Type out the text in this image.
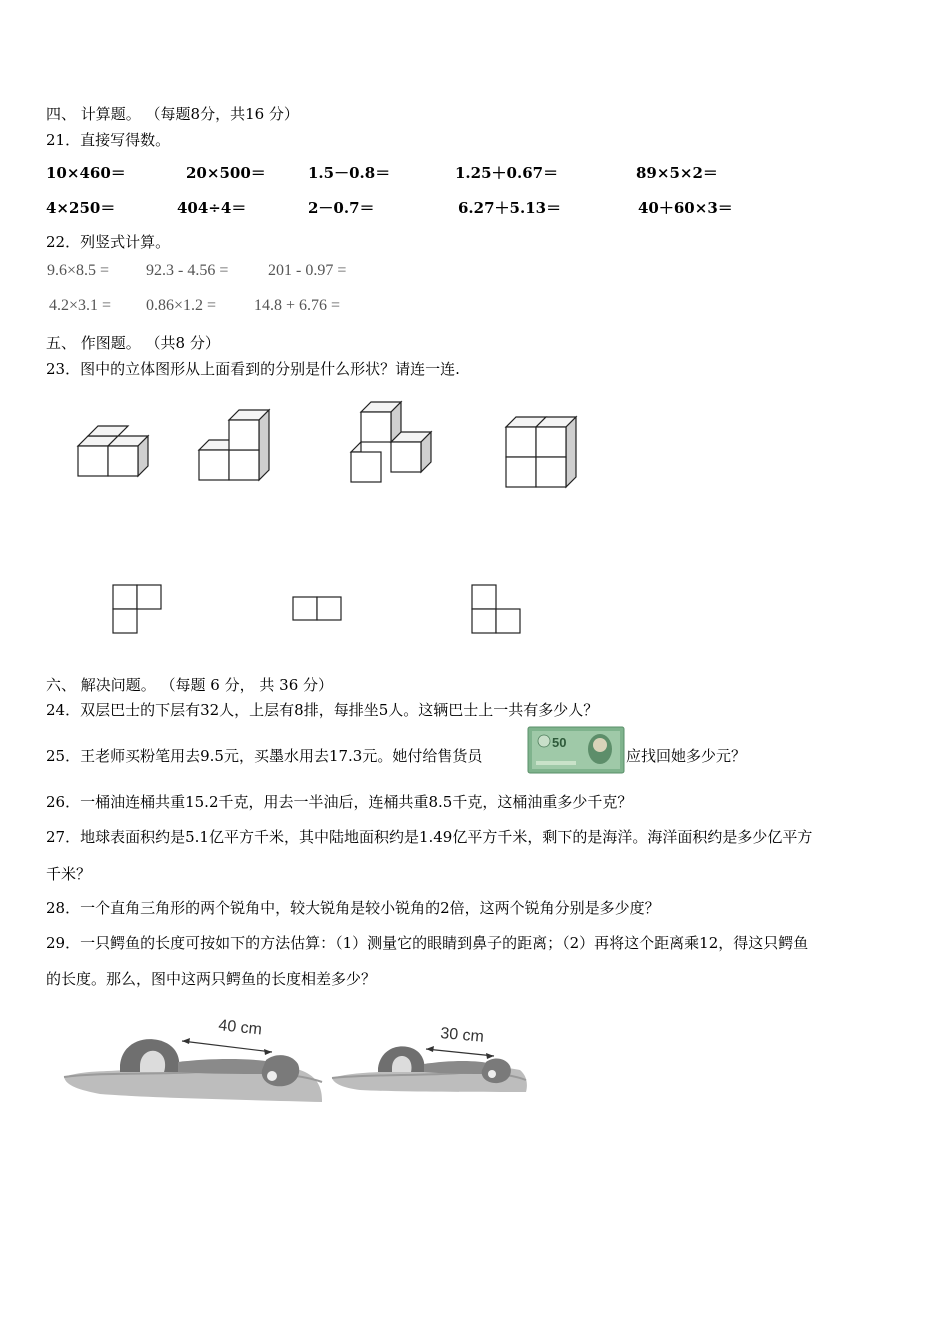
四、 计算题。 （每题8分，共16 分）
21．直接写得数。
10×460＝	20×500＝	1.5－0.8＝	1.25＋0.67＝	89×5×2＝
4×250＝	404÷4＝	2－0.7＝	6.27＋5.13＝	40＋60×3＝
22．列竖式计算。
9.6×8.5 = 92.3 - 4.56 = 201 - 0.97 =
4.2×3.1 = 0.86×1.2 = 14.8 + 6.76 =
五、 作图题。 （共8 分）
23．图中的立体图形从上面看到的分别是什么形状？请连一连.
六、 解决问题。 （每题 6 分， 共 36 分）
24．双层巴士的下层有32人，上层有8排，每排坐5人。这辆巴士上一共有多少人？
25．王老师买粉笔用去9.5元，买墨水用去17.3元。她付给售货员
50
应找回她多少元？
26．一桶油连桶共重15.2千克，用去一半油后，连桶共重8.5千克，这桶油重多少千克？
27．地球表面积约是5.1亿平方千米，其中陆地面积约是1.49亿平方千米，剩下的是海洋。海洋面积约是多少亿平方
千米？
28．一个直角三角形的两个锐角中，较大锐角是较小锐角的2倍，这两个锐角分别是多少度？
29．一只鳄鱼的长度可按如下的方法估算：（1）测量它的眼睛到鼻子的距离；（2）再将这个距离乘12，得这只鳄鱼
的长度。那么，图中这两只鳄鱼的长度相差多少？
40 cm	30 cm
